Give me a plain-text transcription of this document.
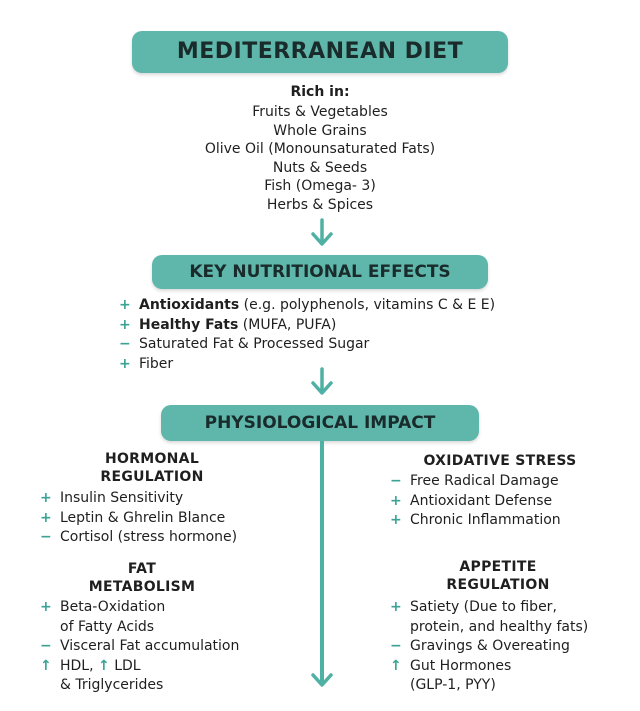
MEDITERRANEAN DIET
Rich in:
Fruits & Vegetables
Whole Grains
Olive Oil (Monounsaturated Fats)
Nuts & Seeds
Fish (Omega- 3)
Herbs & Spices
KEY NUTRITIONAL EFFECTS
+ Antioxidants (e.g. polyphenols, vitamins C & E E)
+ Healthy Fats (MUFA, PUFA)
− Saturated Fat & Processed Sugar
+ Fiber
PHYSIOLOGICAL IMPACT
HORMONAL
REGULATION
+ Insulin Sensitivity
+ Leptin & Ghrelin Blance
− Cortisol (stress hormone)
OXIDATIVE STRESS
− Free Radical Damage
+ Antioxidant Defense
+ Chronic Inflammation
FAT
METABOLISM
+ Beta-Oxidation
of Fatty Acids
− Visceral Fat accumulation
↑ HDL, ↑ LDL
& Triglycerides
APPETITE
REGULATION
+ Satiety (Due to fiber,
protein, and healthy fats)
− Gravings & Overeating
↑ Gut Hormones
(GLP-1, PYY)
